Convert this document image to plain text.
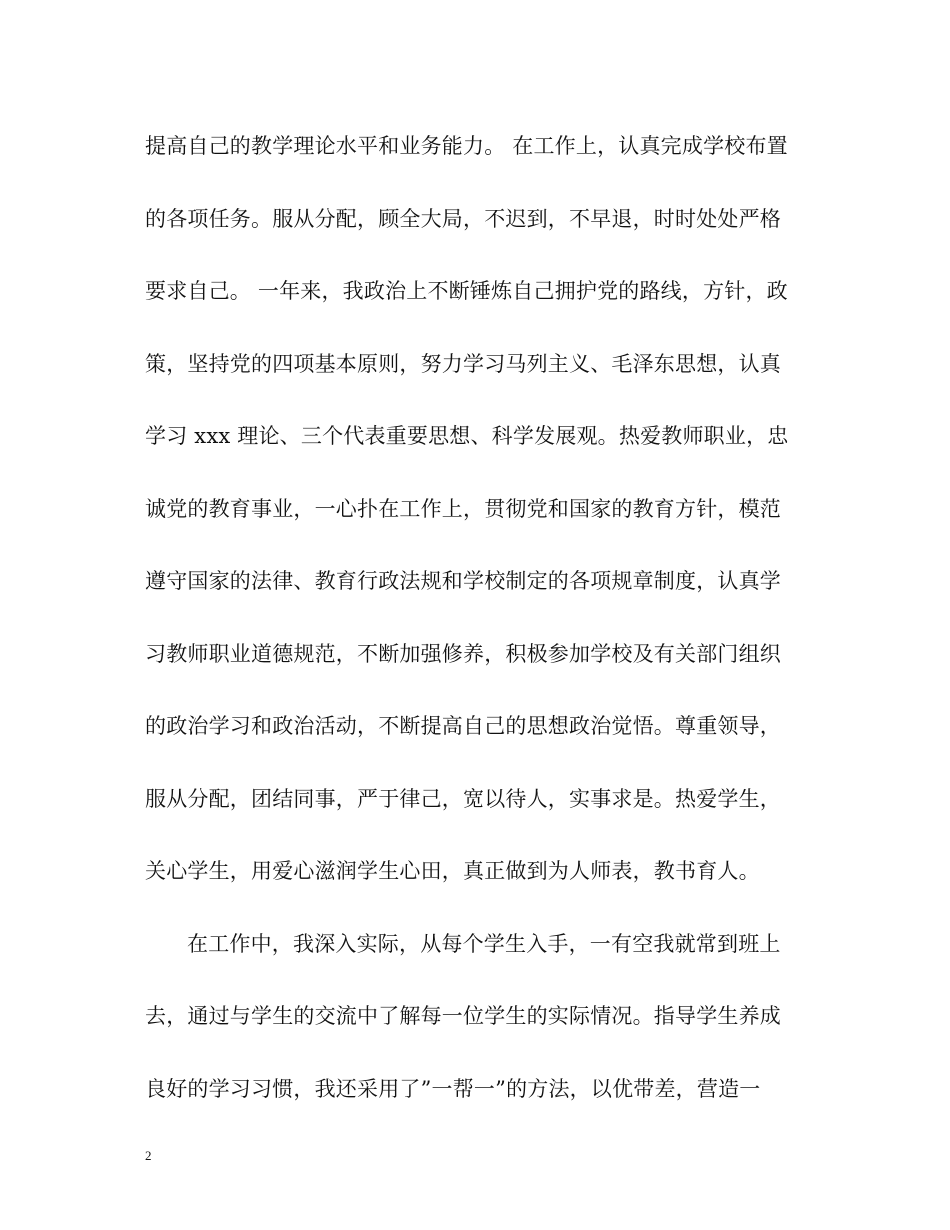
提高自己的教学理论水平和业务能力。 在工作上，认真完成学校布置
的各项任务。服从分配，顾全大局，不迟到，不早退，时时处处严格
要求自己。 一年来，我政治上不断锤炼自己拥护党的路线，方针，政
策，坚持党的四项基本原则，努力学习马列主义、毛泽东思想，认真
学习 xxx 理论、三个代表重要思想、科学发展观。热爱教师职业，忠
诚党的教育事业，一心扑在工作上，贯彻党和国家的教育方针，模范
遵守国家的法律、教育行政法规和学校制定的各项规章制度，认真学
习教师职业道德规范，不断加强修养，积极参加学校及有关部门组织
的政治学习和政治活动，不断提高自己的思想政治觉悟。尊重领导，
服从分配，团结同事，严于律己，宽以待人，实事求是。热爱学生，
关心学生，用爱心滋润学生心田，真正做到为人师表，教书育人。
在工作中，我深入实际，从每个学生入手，一有空我就常到班上
去，通过与学生的交流中了解每一位学生的实际情况。指导学生养成
良好的学习习惯，我还采用了”一帮一”的方法，以优带差，营造一
2
